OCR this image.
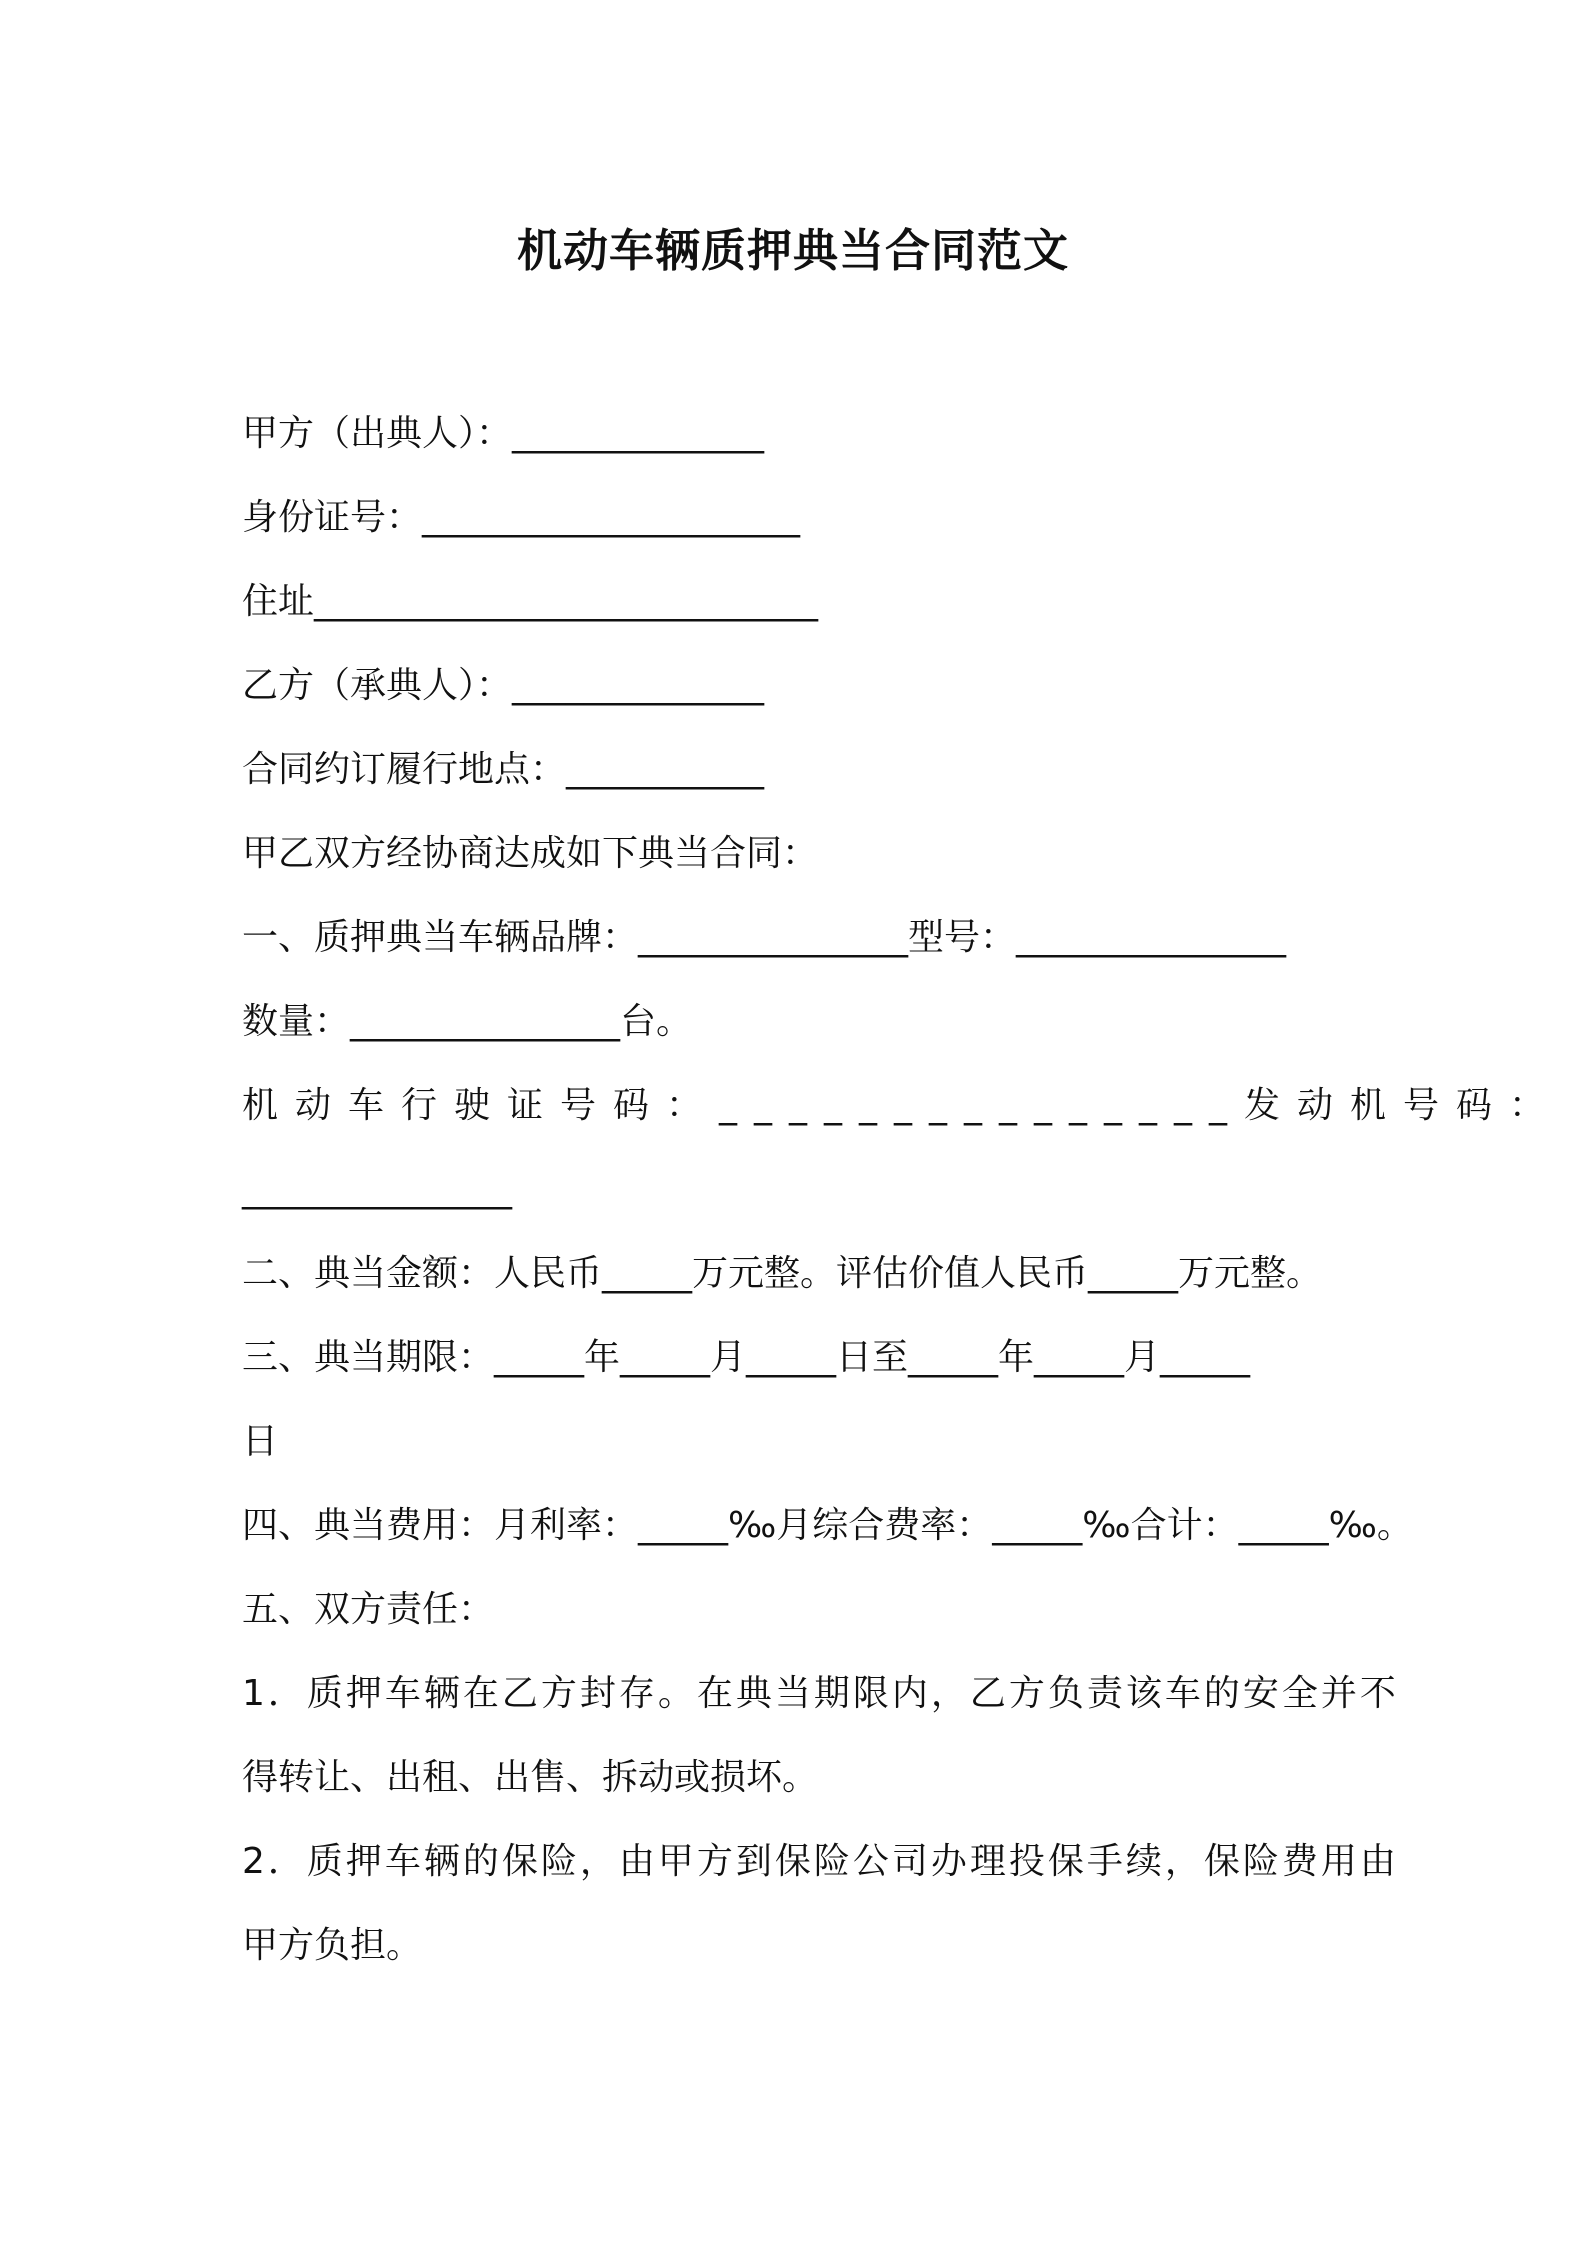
机动车辆质押典当合同范文
甲方（出典人）：______________
身份证号：_____________________
住址____________________________
乙方（承典人）：______________
合同约订履行地点：___________
甲乙双方经协商达成如下典当合同：
一、质押典当车辆品牌：_______________型号：_______________
数量：_______________台。
机动车行驶证号码：_______________发动机号码：
_______________
二、典当金额：人民币_____万元整。评估价值人民币_____万元整。
三、典当期限：_____年_____月_____日至_____年_____月_____
日
四、典当费用：月利率：_____‰月综合费率：_____‰合计：_____‰。
五、双方责任：
1．质押车辆在乙方封存。在典当期限内，乙方负责该车的安全并不
得转让、出租、出售、拆动或损坏。
2．质押车辆的保险，由甲方到保险公司办理投保手续，保险费用由
甲方负担。
